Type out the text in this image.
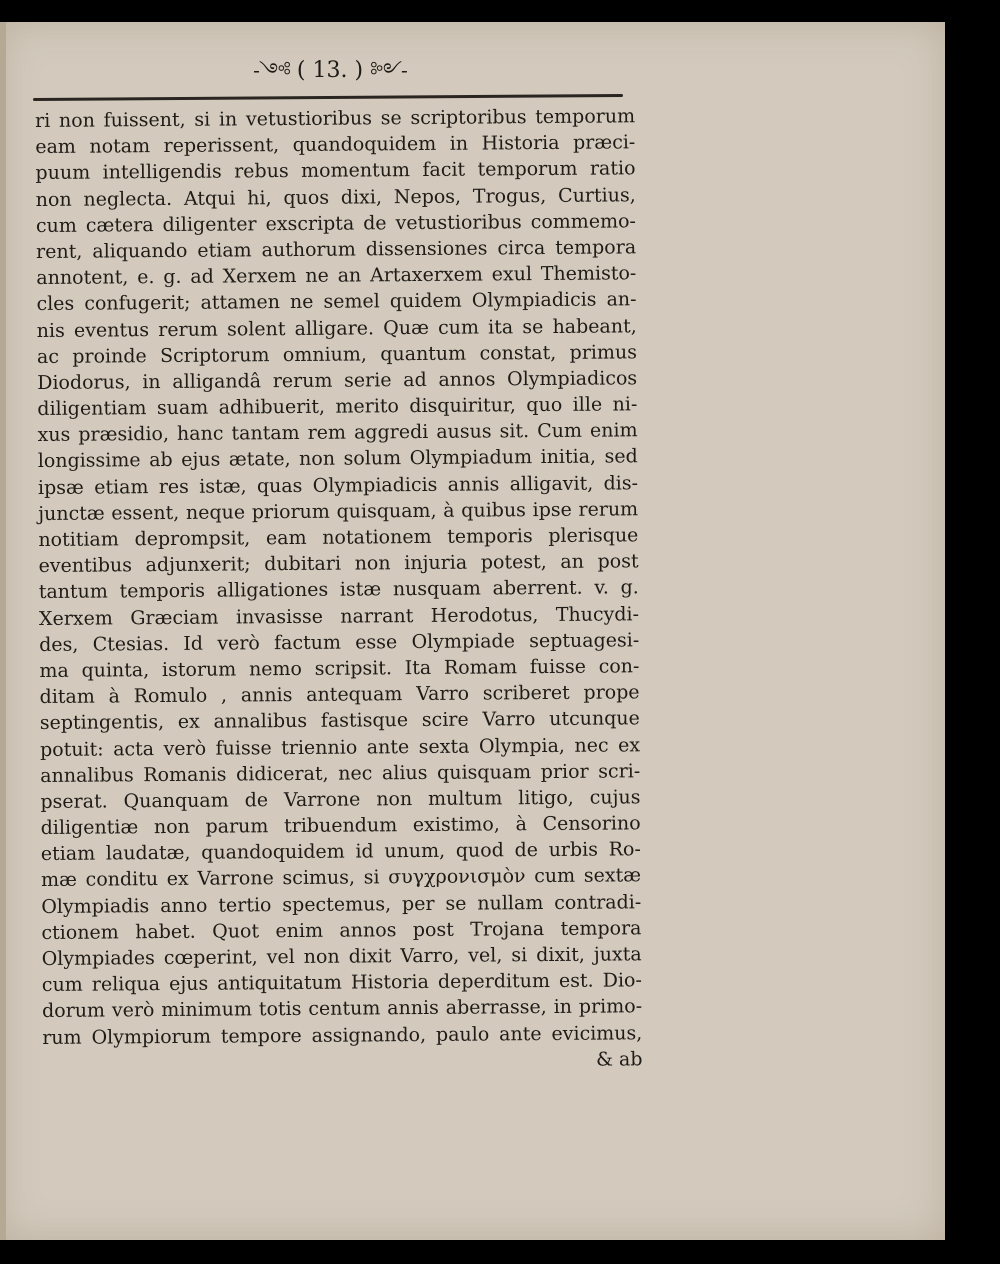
-༺ ( 13. ) ༻-
ri non fuissent, si in vetustioribus se scriptoribus temporum
eam notam reperissent, quandoquidem in Historia præci-
puum intelligendis rebus momentum facit temporum ratio
non neglecta. Atqui hi, quos dixi, Nepos, Trogus, Curtius,
cum cætera diligenter exscripta de vetustioribus commemo-
rent, aliquando etiam authorum dissensiones circa tempora
annotent, e. g. ad Xerxem ne an Artaxerxem exul Themisto-
cles confugerit; attamen ne semel quidem Olympiadicis an-
nis eventus rerum solent alligare. Quæ cum ita se habeant,
ac proinde Scriptorum omnium, quantum constat, primus
Diodorus, in alligandâ rerum serie ad annos Olympiadicos
diligentiam suam adhibuerit, merito disquiritur, quo ille ni-
xus præsidio, hanc tantam rem aggredi ausus sit. Cum enim
longissime ab ejus ætate, non solum Olympiadum initia, sed
ipsæ etiam res istæ, quas Olympiadicis annis alligavit, dis-
junctæ essent, neque priorum quisquam, à quibus ipse rerum
notitiam deprompsit, eam notationem temporis plerisque
eventibus adjunxerit; dubitari non injuria potest, an post
tantum temporis alligationes istæ nusquam aberrent. v. g.
Xerxem Græciam invasisse narrant Herodotus, Thucydi-
des, Ctesias. Id verò factum esse Olympiade septuagesi-
ma quinta, istorum nemo scripsit. Ita Romam fuisse con-
ditam à Romulo , annis antequam Varro scriberet prope
septingentis, ex annalibus fastisque scire Varro utcunque
potuit: acta verò fuisse triennio ante sexta Olympia, nec ex
annalibus Romanis didicerat, nec alius quisquam prior scri-
pserat. Quanquam de Varrone non multum litigo, cujus
diligentiæ non parum tribuendum existimo, à Censorino
etiam laudatæ, quandoquidem id unum, quod de urbis Ro-
mæ conditu ex Varrone scimus, si συγχρονισμὸν cum sextæ
Olympiadis anno tertio spectemus, per se nullam contradi-
ctionem habet. Quot enim annos post Trojana tempora
Olympiades cœperint, vel non dixit Varro, vel, si dixit, juxta
cum reliqua ejus antiquitatum Historia deperditum est. Dio-
dorum verò minimum totis centum annis aberrasse, in primo-
rum Olympiorum tempore assignando, paulo ante evicimus,
& ab
